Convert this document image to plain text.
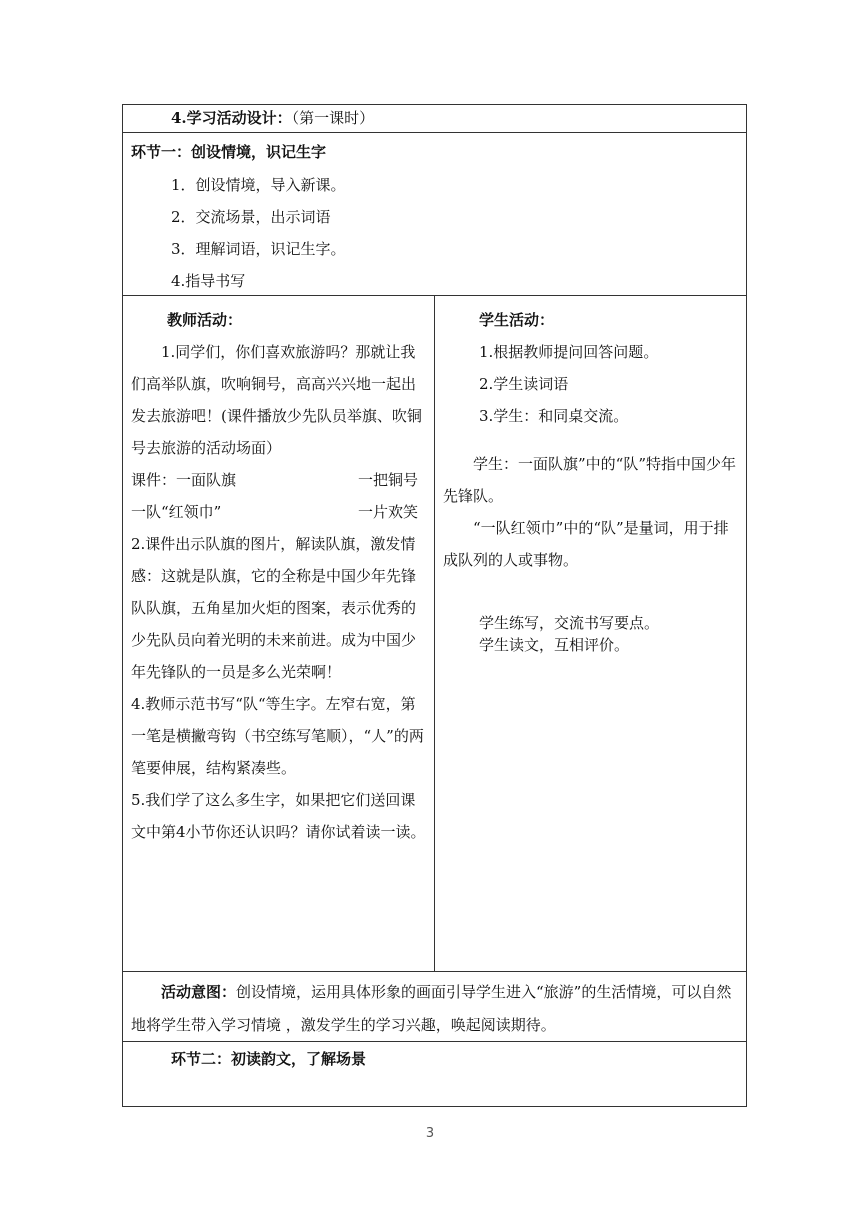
4.学习活动设计：（第一课时）

环节一：创设情境，识记生字
1．创设情境，导入新课。
2．交流场景，出示词语
3．理解词语，识记生字。
4.指导书写

教师活动：
1.同学们，你们喜欢旅游吗？那就让我们高举队旗，吹响铜号，高高兴兴地一起出发去旅游吧！(课件播放少先队员举旗、吹铜号去旅游的活动场面）
课件：一面队旗	一把铜号
一队“红领巾”	一片欢笑
2.课件出示队旗的图片，解读队旗，激发情感：这就是队旗，它的全称是中国少年先锋队队旗，五角星加火炬的图案，表示优秀的少先队员向着光明的未来前进。成为中国少年先锋队的一员是多么光荣啊！
4.教师示范书写“队“等生字。左窄右宽，第一笔是横撇弯钩（书空练写笔顺），“人”的两笔要伸展，结构紧凑些。
5.我们学了这么多生字，如果把它们送回课文中第4小节你还认识吗？请你试着读一读。

学生活动：
1.根据教师提问回答问题。
2.学生读词语
3.学生：和同桌交流。
学生：一面队旗”中的“队”特指中国少年先锋队。
“一队红领巾”中的“队”是量词，用于排成队列的人或事物。
学生练写，交流书写要点。
学生读文，互相评价。

活动意图：创设情境，运用具体形象的画面引导学生进入“旅游”的生活情境，可以自然地将学生带入学习情境 ，激发学生的学习兴趣，唤起阅读期待。

环节二：初读韵文，了解场景
3
